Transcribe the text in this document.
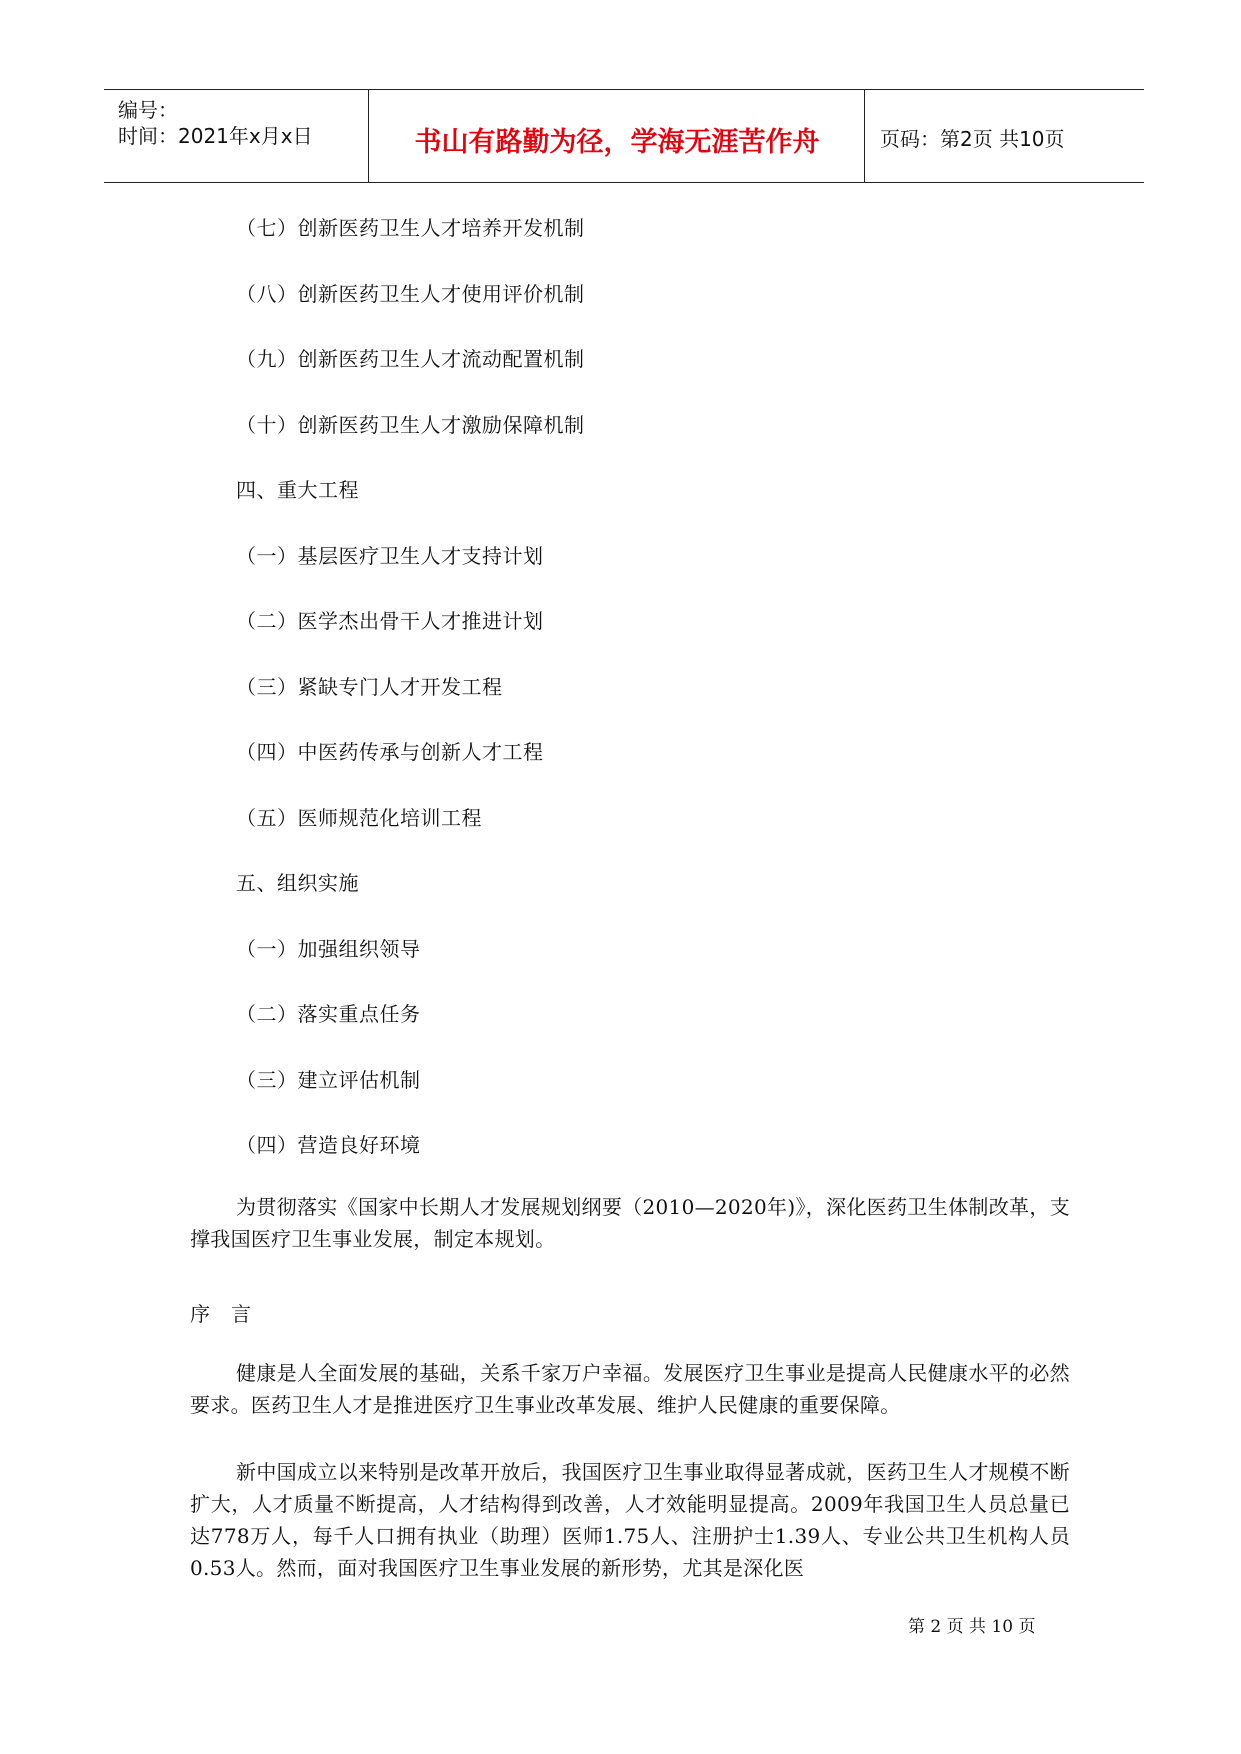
编号：
时间：2021年x月x日	书山有路勤为径，学海无涯苦作舟	页码：第2页 共10页
（七）创新医药卫生人才培养开发机制
（八）创新医药卫生人才使用评价机制
（九）创新医药卫生人才流动配置机制
（十）创新医药卫生人才激励保障机制
四、重大工程
（一）基层医疗卫生人才支持计划
（二）医学杰出骨干人才推进计划
（三）紧缺专门人才开发工程
（四）中医药传承与创新人才工程
（五）医师规范化培训工程
五、组织实施
（一）加强组织领导
（二）落实重点任务
（三）建立评估机制
（四）营造良好环境
为贯彻落实《国家中长期人才发展规划纲要（2010—2020年)》，深化医药卫生体制改革，支撑我国医疗卫生事业发展，制定本规划。
序　言
健康是人全面发展的基础，关系千家万户幸福。发展医疗卫生事业是提高人民健康水平的必然要求。医药卫生人才是推进医疗卫生事业改革发展、维护人民健康的重要保障。
新中国成立以来特别是改革开放后，我国医疗卫生事业取得显著成就，医药卫生人才规模不断扩大，人才质量不断提高，人才结构得到改善，人才效能明显提高。2009年我国卫生人员总量已达778万人，每千人口拥有执业（助理）医师1.75人、注册护士1.39人、专业公共卫生机构人员0.53人。然而，面对我国医疗卫生事业发展的新形势，尤其是深化医
第 2 页 共 10 页
